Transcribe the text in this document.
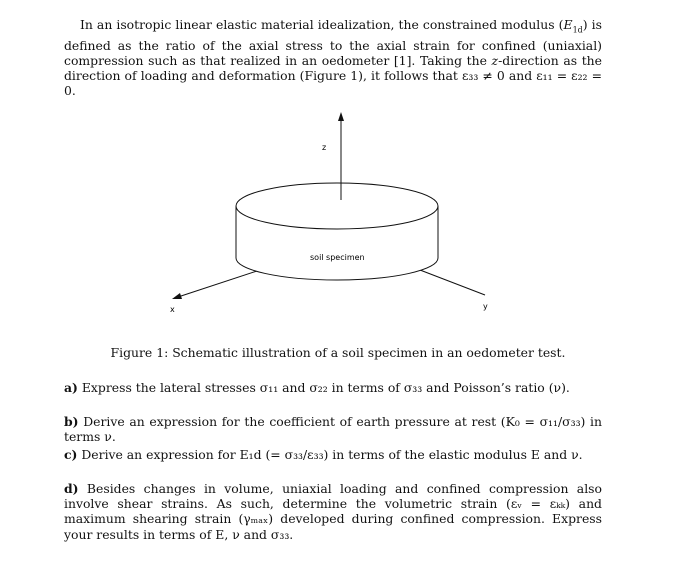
In an isotropic linear elastic material idealization, the constrained modulus $(E_{1d})$ is defined as the ratio of the axial stress to the axial strain for confined (uniaxial) compression such as that realized in an oedometer [1]. Taking the z-direction as the direction of loading and deformation (Figure 1), it follows that ε₃₃ ≠ 0 and ε₁₁ = ε₂₂ = 0.

z
x	y
soil specimen
Figure 1: Schematic illustration of a soil specimen in an oedometer test.

a) Express the lateral stresses σ₁₁ and σ₂₂ in terms of σ₃₃ and Poisson’s ratio (ν).

b) Derive an expression for the coefficient of earth pressure at rest (K₀ = σ₁₁/σ₃₃) in terms ν.

c) Derive an expression for E₁d (= σ₃₃/ε₃₃) in terms of the elastic modulus E and ν.

d) Besides changes in volume, uniaxial loading and confined compression also involve shear strains. As such, determine the volumetric strain (εᵥ = εₖₖ) and maximum shearing strain (γₘₐₓ) developed during confined compression. Express your results in terms of E, ν and σ₃₃.
